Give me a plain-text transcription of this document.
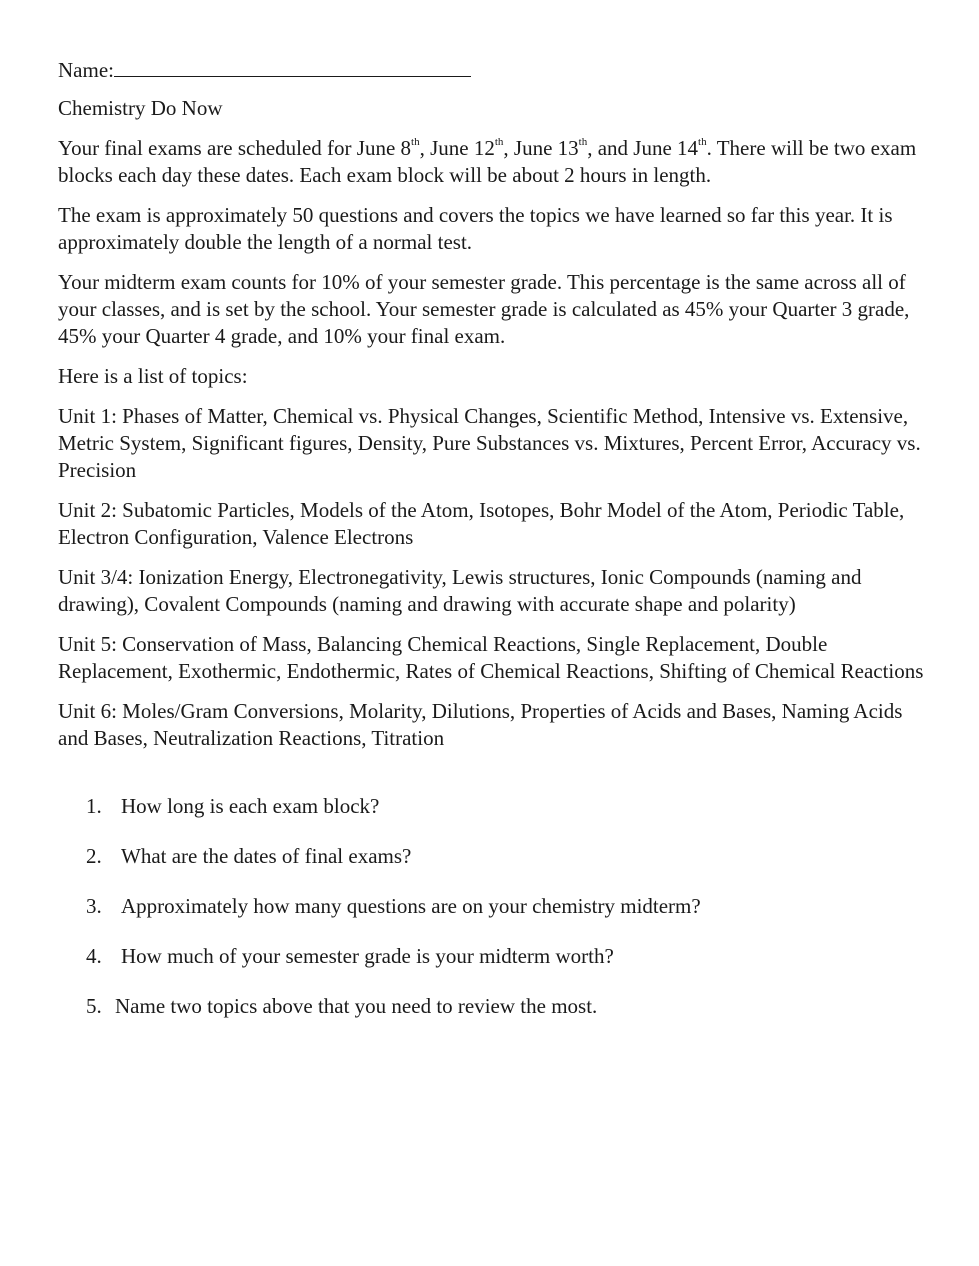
Name:
Chemistry Do Now
Your final exams are scheduled for June 8th, June 12th, June 13th, and June 14th. There will be two exam blocks each day these dates. Each exam block will be about 2 hours in length.
The exam is approximately 50 questions and covers the topics we have learned so far this year. It is approximately double the length of a normal test.
Your midterm exam counts for 10% of your semester grade. This percentage is the same across all of your classes, and is set by the school. Your semester grade is calculated as 45% your Quarter 3 grade, 45% your Quarter 4 grade, and 10% your final exam.
Here is a list of topics:
Unit 1: Phases of Matter, Chemical vs. Physical Changes, Scientific Method, Intensive vs. Extensive, Metric System, Significant figures, Density, Pure Substances vs. Mixtures, Percent Error, Accuracy vs. Precision
Unit 2: Subatomic Particles, Models of the Atom, Isotopes, Bohr Model of the Atom, Periodic Table, Electron Configuration, Valence Electrons
Unit 3/4: Ionization Energy, Electronegativity, Lewis structures, Ionic Compounds (naming and drawing), Covalent Compounds (naming and drawing with accurate shape and polarity)
Unit 5: Conservation of Mass, Balancing Chemical Reactions, Single Replacement, Double Replacement, Exothermic, Endothermic, Rates of Chemical Reactions, Shifting of Chemical Reactions
Unit 6: Moles/Gram Conversions, Molarity, Dilutions, Properties of Acids and Bases, Naming Acids and Bases, Neutralization Reactions, Titration
1. How long is each exam block?
2. What are the dates of final exams?
3. Approximately how many questions are on your chemistry midterm?
4. How much of your semester grade is your midterm worth?
5. Name two topics above that you need to review the most.
